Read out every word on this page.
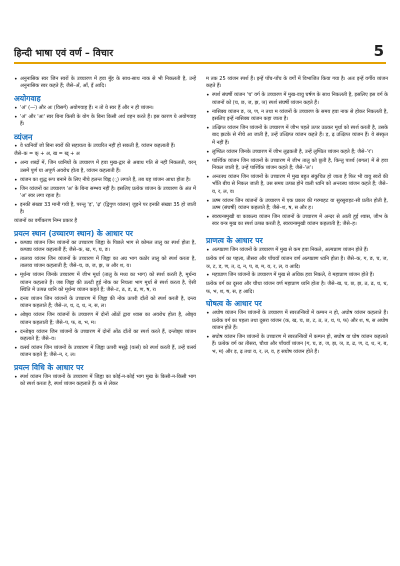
हिन्दी भाषा एवं वर्ण – विचार	5
• अनुनासिक स्वर जिन स्वरों के उच्चारण में हवा मुँह के साथ-साथ नाक से भी निकलती है, उन्हें अनुनासिक स्वर कहते हैं; जैसे–अँ, आँ, इँ आदि।
अयोगवाह
• 'अं' (—ं) और अः (विसर्ग) अयोगवाह हैं। न तो ये स्वर हैं और न ही व्यंजन।
• 'अं' और 'अः' स्वर बिना किसी के योग के बिना किसी अर्थ वहन करते हैं। इस कारण ये अयोगवाह हैं।
व्यंजन
• वे ध्वनियाँ जो बिना स्वरों की सहायता के उच्चरित नहीं हो सकती हैं, व्यंजन कहलाती हैं।
जैसे–क = क् + अ, ख = ख् + अ
• अन्य शब्दों में, जिन ध्वनियों के उच्चारण में हवा मुख-द्वार से अबाध गति से नहीं निकलती, वरन् उसमें पूर्ण या अपूर्ण अवरोध होता है, व्यंजन कहलाती हैं।
• व्यंजन का शुद्ध रूप बनाने के लिए नीचे हलन्त चिह्न (्) लगाते हैं, तब यह व्यंजन आधा होता है।
• जिन व्यंजनों का उच्चारण 'अ' के बिना सम्भव नहीं है। इसलिए प्रत्येक व्यंजन के उच्चारण के अंत में 'अ' स्वर लगा रहता है।
• इनकी संख्या 33 मानी गयी है, परन्तु 'ड़', 'ढ़' (द्विगुण व्यंजन) जुड़ने पर इनकी संख्या 35 हो जाती है।
व्यंजनों का वर्गीकरण निम्न प्रकार है
प्रयत्न स्थान (उच्चारण स्थान) के आधार पर
• कण्ठ्य व्यंजन जिन व्यंजनों का उच्चारण जिह्वा के पिछले भाग से कोमल तालु का स्पर्श होता है, कण्ठ्य व्यंजन कहलाती हैं; जैसे–क, ख, ग, घ, ङ।
• तालव्य व्यंजन जिन व्यंजनों के उच्चारण में जिह्वा का अग्र भाग कठोर तालु को स्पर्श करता है, तालव्य व्यंजन कहलाती हैं; जैसे–च, छ, ज, झ, ञ और श, य।
• मूर्धन्य व्यंजन जिनके उच्चारण में जीभ मूर्धा (तालु के मध्य का भाग) को स्पर्श करती है, मूर्धन्य व्यंजन कहलाते हैं। जब जिह्वा की उलटी हुई नोक का निचला भाग मूर्धा से स्पर्श करता है, ऐसी स्थिति में उत्पन्न ध्वनि को मूर्धन्य व्यंजन कहते हैं; जैसे–ट, ठ, ड, ढ, ण, ष, र।
• दन्त्य व्यंजन जिन व्यंजनों के उच्चारण में जिह्वा की नोक ऊपरी दाँतों को स्पर्श करती है, दन्त्य व्यंजन कहलाते हैं; जैसे–त, थ, द, ध, न, स, ल।
• ओष्ठ्य व्यंजन जिन व्यंजनों के उच्चारण में दोनों ओंठों द्वारा श्वास का अवरोध होता है, ओष्ठ्य व्यंजन कहलाती हैं; जैसे–प, फ, ब, भ, म।
• दन्तोष्ठ्य व्यंजन जिन व्यंजनों के उच्चारण में दोनों ओंठ दाँतों का स्पर्श करते हैं, दन्तोष्ठ्य व्यंजन कहलाते हैं; जैसे–व।
• वर्त्स्य व्यंजन जिन व्यंजनों के उच्चारण में जिह्वा ऊपरी मसूढ़े (वर्त्स) को स्पर्श करती हैं, उन्हें वर्त्स्य व्यंजन कहते हैं; जैसे–न, र, ल।
प्रयत्न विधि के आधार पर
• स्पर्श व्यंजन जिन व्यंजनों के उच्चारण में जिह्वा का कोई-न-कोई भाग मुख के किसी-न-किसी भाग को स्पर्श करता है, स्पर्श व्यंजन कहलाते हैं। क से लेकर
म तक 25 व्यंजन स्पर्श हैं। इन्हें पाँच-पाँच के वर्गों में विभाजित किया गया है। अतः इन्हें वर्गीय व्यंजन कहते हैं।
• स्पर्श संघर्षी व्यंजन 'च' वर्ग के उच्चारण में मुख-वायु घर्षण के साथ निकलती है, इसलिए इस वर्ग के व्यंजनों को (च, छ, ज, झ, ञ) स्पर्श संघर्षी व्यंजन कहते हैं।
• नासिक्य व्यंजन ङ, ञ, ण, न तथा म व्यंजनों के उच्चारण के समय हवा नाक से होकर निकलती है, इसलिए इन्हें नासिक्य व्यंजन कहा जाता है।
• उत्क्षिप्त व्यंजन जिन व्यंजनों के उच्चारण में जीभ पहले ऊपर उठकर मूर्धा को स्पर्श करती है, उसके बाद झटके से नीचे आ जाती है, उन्हें उत्क्षिप्त व्यंजन कहते हैं। ड़, ढ़ उत्क्षिप्त व्यंजन हैं। ये संस्कृत में नहीं हैं।
• लुण्ठित व्यंजन जिनके उच्चारण में जीभ लुढ़कती है, उन्हें लुण्ठित व्यंजन कहते हैं; जैसे–'र'।
• पार्श्विक व्यंजन जिन व्यंजनों के उच्चारण में जीभ तालु को छूती है, किन्तु पार्श्व (बगल) में से हवा निकल जाती है, उन्हें पार्श्विक व्यंजन कहते हैं; जैसे–'ल'।
• अन्तःस्थ व्यंजन जिन व्यंजनों के उच्चारण में मुख बहुत संकुचित हो जाता है फिर भी वायु स्वरों की भाँति बीच से निकल जाती है, उस समय उत्पन्न होने वाली ध्वनि को अन्तःस्थ व्यंजन कहते हैं; जैसे–य, र, ल, व।
• ऊष्म व्यंजन जिन व्यंजनों के उच्चारण में एक प्रकार की गरमाहट या सुरसुराहट-सी प्रतीत होती है, ऊष्म (संघर्षी) व्यंजन कहलाते हैं; जैसे–श, ष, स और ह।
• स्वरयन्त्रमुखी या काकल्य व्यंजन जिन व्यंजनों के उच्चारण में अन्दर से आती हुई श्वास, जीभ के स्वर यन्त्र मुख का स्पर्श उत्पन्न करती है, स्वरयन्त्रमुखी व्यंजन कहलाती है; जैसे–ह।
प्राणत्व के आधार पर
• अल्पप्राण जिन व्यंजनों के उच्चारण में मुख से कम हवा निकले, अल्पप्राण व्यंजन होते हैं।
प्रत्येक वर्ग का पहला, तीसरा और पाँचवाँ व्यंजन वर्ण अल्पप्राण ध्वनि होता है। जैसे–क, ग, ङ, च, ज, ञ, ट, ड, ण, त, द, न, प, ब, म, य, र, ल, व आदि।
• महाप्राण जिन व्यंजनों के उच्चारण में मुख से अधिक हवा निकले, वे महाप्राण व्यंजन होते हैं।
प्रत्येक वर्ग का दूसरा और चौथा व्यंजन वर्ण महाप्राण ध्वनि होता है। जैसे–ख, घ, छ, झ, ठ, ढ, थ, ध, फ, भ, श, ष, स, ह आदि।
घोषत्व के आधार पर
• अघोष व्यंजन जिन व्यंजनों के उच्चारण में स्वरतन्त्रियों में कम्पन न हो, अघोष व्यंजन कहलाते हैं। प्रत्येक वर्ग का पहला तथा दूसरा व्यंजन (क, ख, च, छ, ट, ठ, त, थ, प, फ) और श, ष, स अघोष व्यंजन होते हैं।
• सघोष व्यंजन जिन व्यंजनों के उच्चारण में स्वरतन्त्रियों में कम्पन हो, सघोष या घोष व्यंजन कहलाते हैं। प्रत्येक वर्ग का तीसरा, चौथा और पाँचवाँ व्यंजन (ग, घ, ङ, ज, झ, ञ, ड, ढ, ण, द, ध, न, ब, भ, म) और ड़, ढ़ तथा य, र, ल, व, ह सघोष व्यंजन होते हैं।
